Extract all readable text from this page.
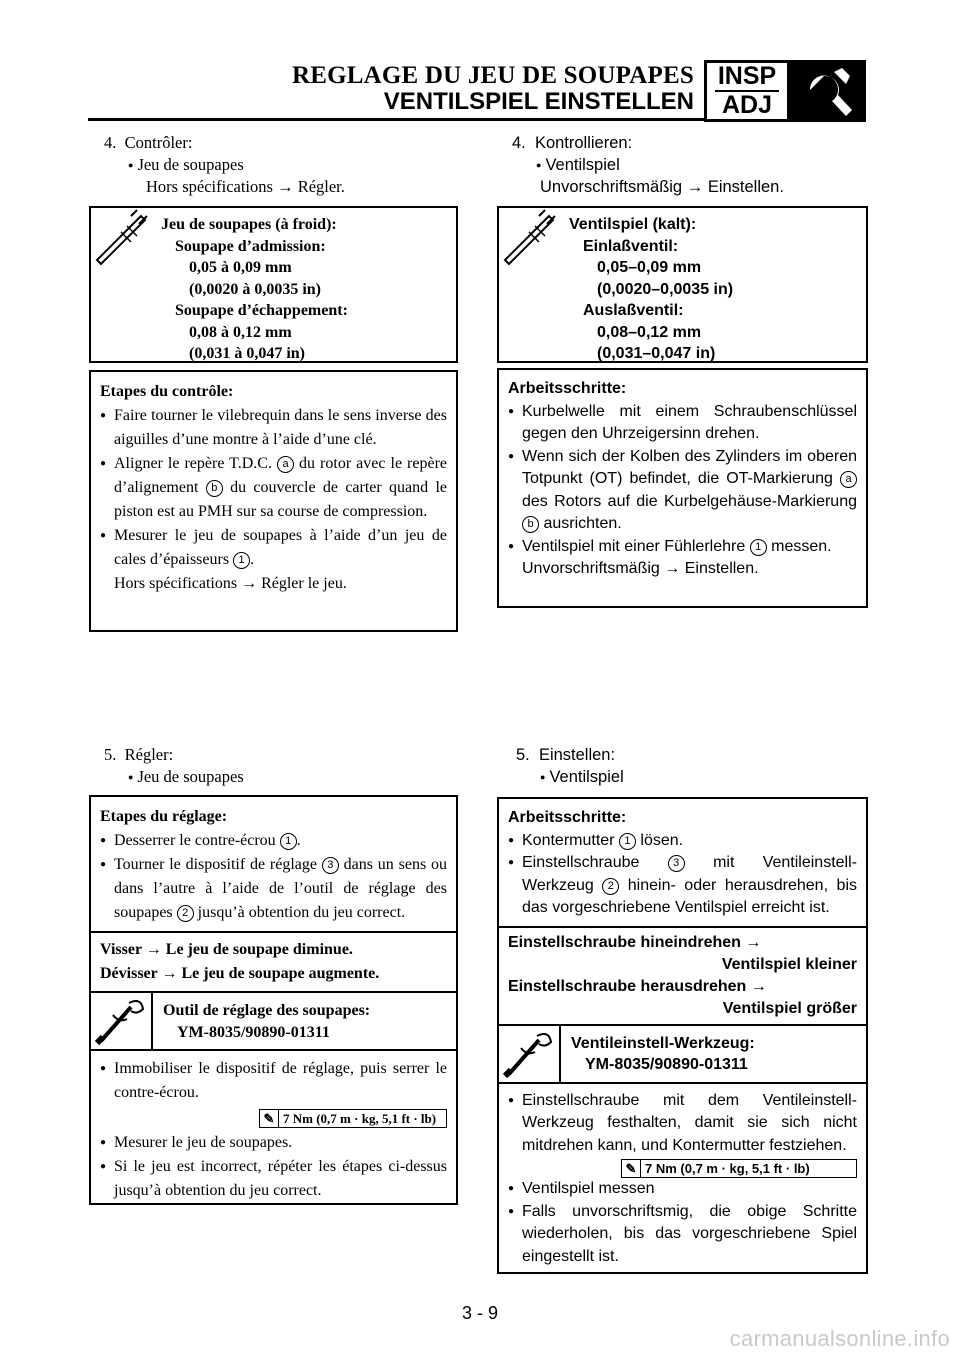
REGLAGE DU JEU DE SOUPAPES
VENTILSPIEL EINSTELLEN
INSP
ADJ
4. Contrôler:
● Jeu de soupapes
Hors spécifications → Régler.
Jeu de soupapes (à froid):
Soupape d’admission:
0,05 à 0,09 mm
(0,0020 à 0,0035 in)
Soupape d’échappement:
0,08 à 0,12 mm
(0,031 à 0,047 in)
Etapes du contrôle:
● Faire tourner le vilebrequin dans le sens inverse des aiguilles d’une montre à l’aide d’une clé.
● Aligner le repère T.D.C. a du rotor avec le repère d’alignement b du couvercle de carter quand le piston est au PMH sur sa course de compression.
● Mesurer le jeu de soupapes à l’aide d’un jeu de cales d’épaisseurs 1 .
Hors spécifications → Régler le jeu.
5. Régler:
● Jeu de soupapes
Etapes du réglage:
● Desserrer le contre-écrou 1 .
● Tourner le dispositif de réglage 3 dans un sens ou dans l’autre à l’aide de l’outil de réglage des soupapes 2 jusqu’à obtention du jeu correct.
Visser → Le jeu de soupape diminue.
Dévisser → Le jeu de soupape augmente.
Outil de réglage des soupapes:
YM-8035/90890-01311
● Immobiliser le dispositif de réglage, puis serrer le contre-écrou.
✎ 7 Nm (0,7 m · kg, 5,1 ft · lb)
● Mesurer le jeu de soupapes.
● Si le jeu est incorrect, répéter les étapes ci-dessus jusqu’à obtention du jeu correct.
4. Kontrollieren:
● Ventilspiel
Unvorschriftsmäßig → Einstellen.
Ventilspiel (kalt):
Einlaßventil:
0,05–0,09 mm
(0,0020–0,0035 in)
Auslaßventil:
0,08–0,12 mm
(0,031–0,047 in)
Arbeitsschritte:
● Kurbelwelle mit einem Schraubenschlüssel gegen den Uhrzeigersinn drehen.
● Wenn sich der Kolben des Zylinders im oberen Totpunkt (OT) befindet, die OT-Markierung a des Rotors auf die Kurbelgehäuse-Markierung b ausrichten.
● Ventilspiel mit einer Fühlerlehre 1 messen.
Unvorschriftsmäßig → Einstellen.
5. Einstellen:
● Ventilspiel
Arbeitsschritte:
● Kontermutter 1 lösen.
● Einstellschraube	3 mit Ventileinstell-Werkzeug 2 hinein- oder herausdrehen, bis das vorgeschriebene Ventilspiel erreicht ist.
Einstellschraube hineindrehen →
Ventilspiel kleiner
Einstellschraube herausdrehen →
Ventilspiel größer
Ventileinstell-Werkzeug:
YM-8035/90890-01311
● Einstellschraube mit dem Ventileinstell-Werkzeug festhalten, damit sie sich nicht mitdrehen kann, und Kontermutter festziehen.
✎ 7 Nm (0,7 m · kg, 5,1 ft · lb)
● Ventilspiel messen
● Falls unvorschriftsmig, die obige Schritte wiederholen, bis das vorgeschriebene Spiel eingestellt ist.
3 - 9
carmanualsonline.info
